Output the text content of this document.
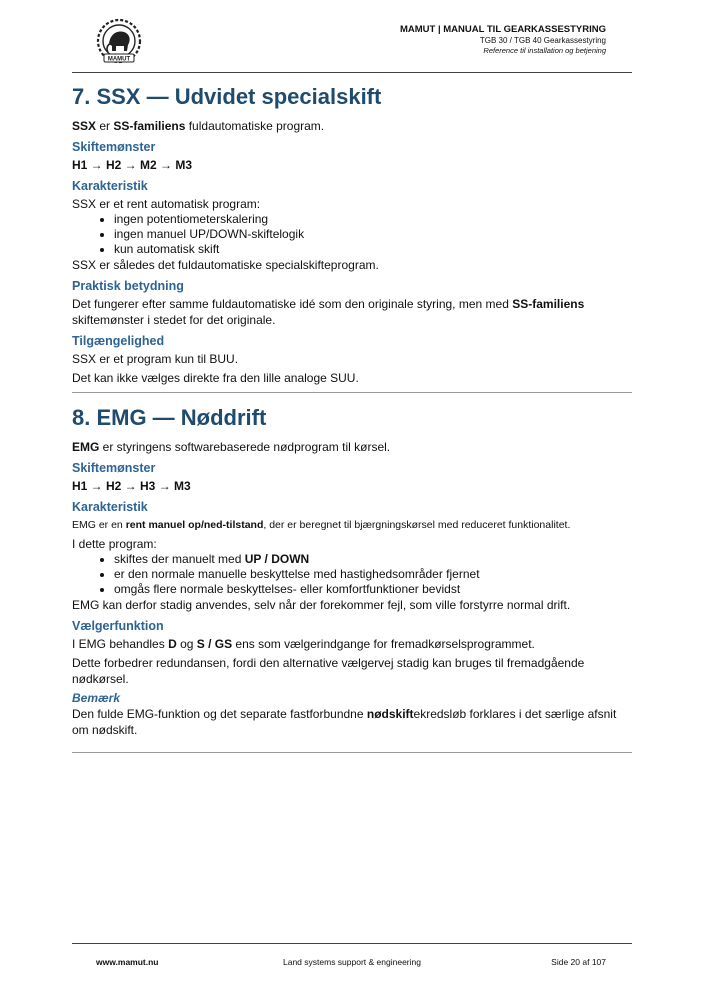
MAMUT
MAMUT | MANUAL TIL GEARKASSESTYRING
TGB 30 / TGB 40 Gearkassestyring
Reference til installation og betjening
7. SSX — Udvidet specialskift

SSX er SS-familiens fuldautomatiske program.

Skiftemønster

H1 → H2 → M2 → M3

Karakteristik

SSX er et rent automatisk program:

• ingen potentiometerskalering
• ingen manuel UP/DOWN-skiftelogik
• kun automatisk skift

SSX er således det fuldautomatiske specialskifteprogram.

Praktisk betydning

Det fungerer efter samme fuldautomatiske idé som den originale styring, men med SS-familiens skiftemønster i stedet for det originale.

Tilgængelighed

SSX er et program kun til BUU.

Det kan ikke vælges direkte fra den lille analoge SUU.

8. EMG — Nøddrift

EMG er styringens softwarebaserede nødprogram til kørsel.

Skiftemønster

H1 → H2 → H3 → M3

Karakteristik

EMG er en rent manuel op/ned-tilstand, der er beregnet til bjærgningskørsel med reduceret funktionalitet.

I dette program:

• skiftes der manuelt med UP / DOWN
• er den normale manuelle beskyttelse med hastighedsområder fjernet
• omgås flere normale beskyttelses- eller komfortfunktioner bevidst

EMG kan derfor stadig anvendes, selv når der forekommer fejl, som ville forstyrre normal drift.

Vælgerfunktion

I EMG behandles D og S / GS ens som vælgerindgange for fremadkørselsprogrammet.

Dette forbedrer redundansen, fordi den alternative vælgervej stadig kan bruges til fremadgående nødkørsel.

Bemærk

Den fulde EMG-funktion og det separate fastforbundne nødskiftekredsløb forklares i det særlige afsnit om nødskift.

Land systems support & engineering
www.mamut.nu	Side 20 af 107
